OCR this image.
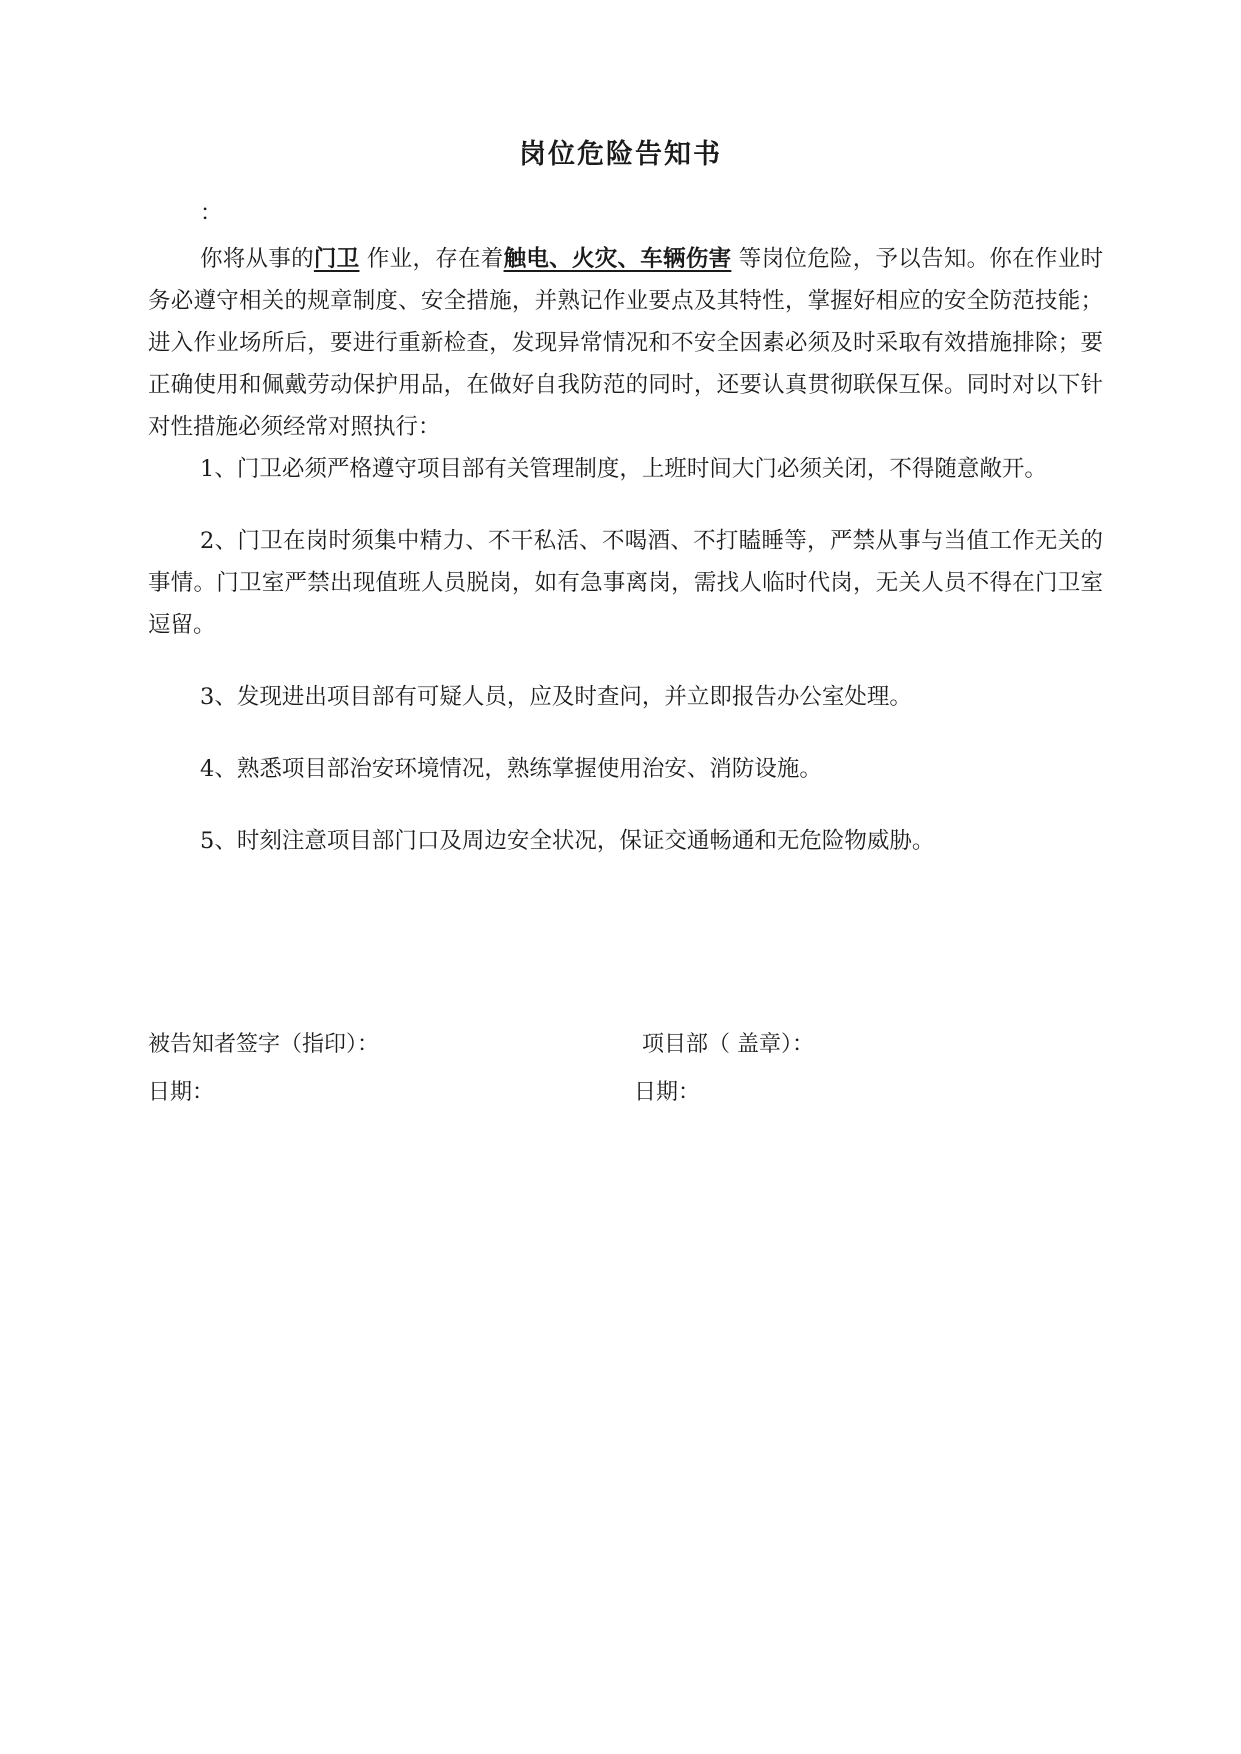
岗位危险告知书
：

你将从事的门卫 作业，存在着触电、火灾、车辆伤害 等岗位危险，予以告知。你在作业时务必遵守相关的规章制度、安全措施，并熟记作业要点及其特性，掌握好相应的安全防范技能；进入作业场所后，要进行重新检查，发现异常情况和不安全因素必须及时采取有效措施排除；要正确使用和佩戴劳动保护用品，在做好自我防范的同时，还要认真贯彻联保互保。同时对以下针对性措施必须经常对照执行：

1、门卫必须严格遵守项目部有关管理制度，上班时间大门必须关闭，不得随意敞开。

2、门卫在岗时须集中精力、不干私活、不喝酒、不打瞌睡等，严禁从事与当值工作无关的事情。门卫室严禁出现值班人员脱岗，如有急事离岗，需找人临时代岗，无关人员不得在门卫室逗留。

3、发现进出项目部有可疑人员，应及时查问，并立即报告办公室处理。

4、熟悉项目部治安环境情况，熟练掌握使用治安、消防设施。

5、时刻注意项目部门口及周边安全状况，保证交通畅通和无危险物威胁。

被告知者签字（指印）：	项目部（ 盖章）：
日期：	日期：
